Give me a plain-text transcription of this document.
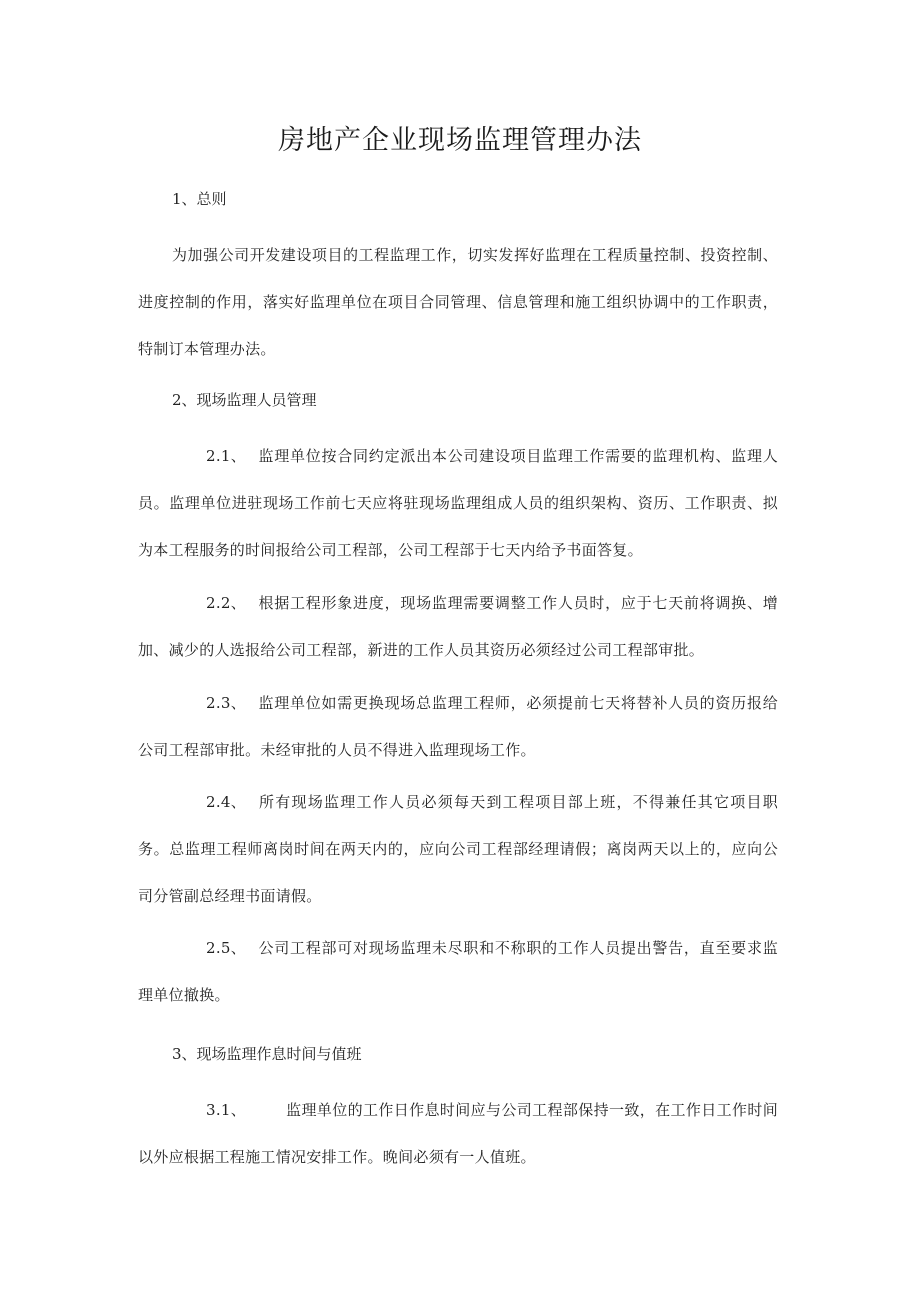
房地产企业现场监理管理办法
1、总则
为加强公司开发建设项目的工程监理工作，切实发挥好监理在工程质量控制、投资控制、进度控制的作用，落实好监理单位在项目合同管理、信息管理和施工组织协调中的工作职责，特制订本管理办法。
2、现场监理人员管理
2.1、 监理单位按合同约定派出本公司建设项目监理工作需要的监理机构、监理人员。监理单位进驻现场工作前七天应将驻现场监理组成人员的组织架构、资历、工作职责、拟为本工程服务的时间报给公司工程部，公司工程部于七天内给予书面答复。
2.2、 根据工程形象进度，现场监理需要调整工作人员时，应于七天前将调换、增加、减少的人选报给公司工程部，新进的工作人员其资历必须经过公司工程部审批。
2.3、 监理单位如需更换现场总监理工程师，必须提前七天将替补人员的资历报给公司工程部审批。未经审批的人员不得进入监理现场工作。
2.4、 所有现场监理工作人员必须每天到工程项目部上班，不得兼任其它项目职务。总监理工程师离岗时间在两天内的，应向公司工程部经理请假；离岗两天以上的，应向公司分管副总经理书面请假。
2.5、 公司工程部可对现场监理未尽职和不称职的工作人员提出警告，直至要求监理单位撤换。
3、现场监理作息时间与值班
3.1、	监理单位的工作日作息时间应与公司工程部保持一致，在工作日工作时间以外应根据工程施工情况安排工作。晚间必须有一人值班。
